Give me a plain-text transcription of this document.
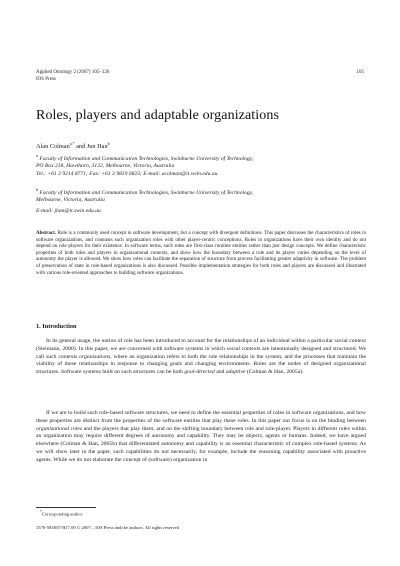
Applied Ontology 2 (2007) 105–126
IOS Press
105
Roles, players and adaptable organizations
Alan Colman$^{a,*}$ and Jun Han$^b$
$^a$ Faculty of Information and Communication Technologies, Swinburne University of Technology,
PO Box 218, Hawthorn, 3122, Melbourne, Victoria, Australia
Tel.: +61 3 9214 8771; Fax: +61 3 9819 0823; E-mail: acolman@it.swin.edu.au
$^b$ Faculty of Information and Communication Technologies, Swinburne University of Technology,
Melbourne, Victoria, Australia
E-mail: jhan@it.swin.edu.au
Abstract. Role is a commonly used concept in software development, but a concept with divergent definitions. This paper discusses the characteristics of roles in software organizations, and contrasts such organization roles with other player-centric conceptions. Roles in organizations have their own identity and do not depend on role players for their existence. In software terms, such roles are first-class runtime entities rather than just design concepts. We define characteristic properties of both roles and players in organizational contexts, and show how the boundary between a role and its player varies depending on the level of autonomy the player is allowed. We show how roles can facilitate the separation of structure from process facilitating greater adaptivity in software. The problem of preservation of state in role-based organizations is also discussed. Possible implementation strategies for both roles and players are discussed and illustrated with various role-oriented approaches to building software organizations.
1. Introduction
In its general usage, the notion of role has been introduced to account for the relationships of an individual within a particular social context (Steimann, 2000). In this paper, we are concerned with software systems in which social contexts are intentionally designed and structured. We call such contexts organizations, where an organization refers to both the role relationships in the system, and the processes that maintain the viability of these relationships in response to changing goals and changing environments. Roles are the nodes of designed organizational structures. Software systems built on such structures can be both goal-directed and adaptive (Colman & Han, 2005a).
If we are to build such role-based software structures, we need to define the essential properties of roles in software organizations, and how these properties are distinct from the properties of the software entities that play these roles. In this paper our focus is on the binding between organizational roles and the players that play them, and on the shifting boundary between role and role-player. Players in different roles within an organization may require different degrees of autonomy and capability. They may be objects, agents or humans. Indeed, we have argued elsewhere (Colman & Han, 2005b) that differentiated autonomy and capability is an essential characteristic of complex role-based systems. As we will show later in the paper, such capabilities do not necessarily, for example, include the reasoning capability associated with proactive agents. While we do not elaborate the concept of (software) organization in
*Corresponding author.
1570-5838/07/$17.00 © 2007 – IOS Press and the authors. All rights reserved
